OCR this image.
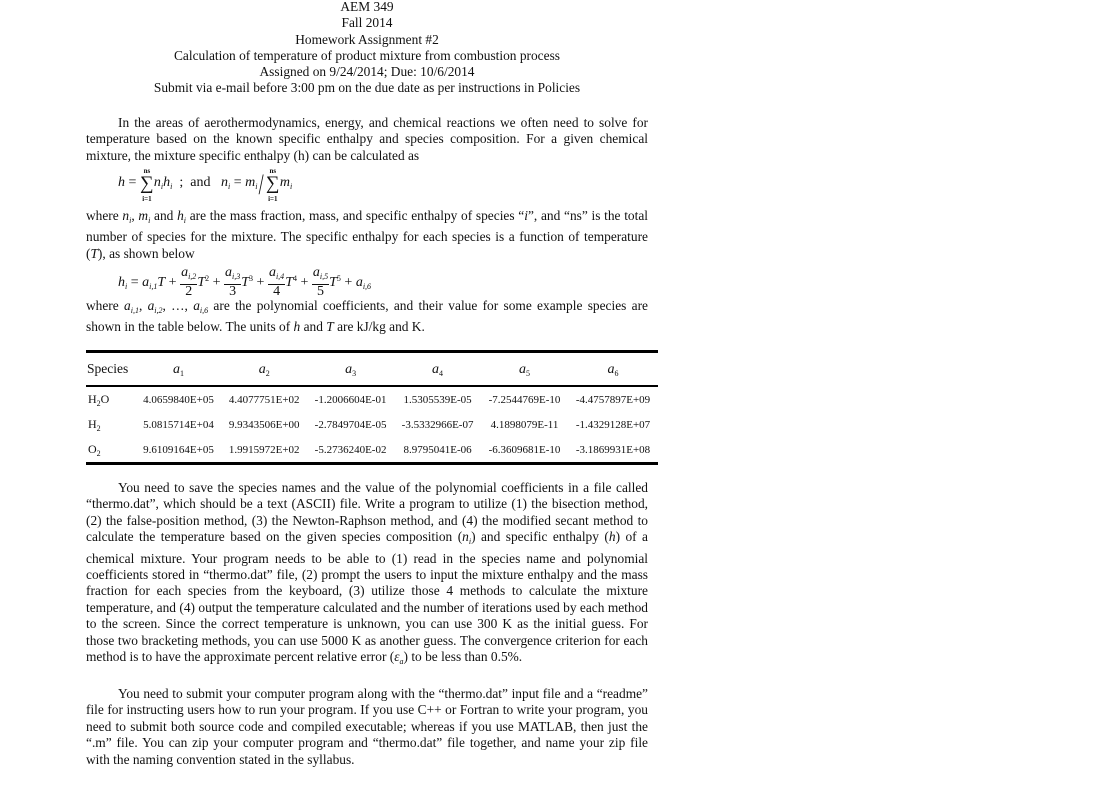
AEM 349
Fall 2014
Homework Assignment #2
Calculation of temperature of product mixture from combustion process
Assigned on 9/24/2014; Due: 10/6/2014
Submit via e-mail before 3:00 pm on the due date as per instructions in Policies

In the areas of aerothermodynamics, energy, and chemical reactions we often need to solve for temperature based on the known specific enthalpy and species composition. For a given chemical mixture, the mixture specific enthalpy (h) can be calculated as

h = ∑
ns
i=1
$n_ih_i$  ;  and   $n_i = m_i/\sum$
ns
i=1
$m_i$

where $n_i$, $m_i$ and $h_i$ are the mass fraction, mass, and specific enthalpy of species “i”, and “ns” is the total number of species for the mixture. The specific enthalpy for each species is a function of temperature (T), as shown below

$h_i = a_{i,1}T + \frac{a_{i,2}}{2} T^2 + \frac{a_{i,3}}{3} T^3 + \frac{a_{i,4}}{4} T^4 + \frac{a_{i,5}}{5} T^5 + a_{i,6}$

where $a_{i,1}$, $a_{i,2}$, …, $a_{i,6}$ are the polynomial coefficients, and their value for some example species are shown in the table below. The units of h and T are kJ/kg and K.

Species	$a_1$	$a_2$	$a_3$	$a_4$	$a_5$	$a_6$
$H_2O$	4.0659840E+05	4.4077751E+02	-1.2006604E-01	1.5305539E-05	-7.2544769E-10	-4.4757897E+09
$H_2$	5.0815714E+04	9.9343506E+00	-2.7849704E-05	-3.5332966E-07	4.1898079E-11	-1.4329128E+07
$O_2$	9.6109164E+05	1.9915972E+02	-5.2736240E-02	8.9795041E-06	-6.3609681E-10	-3.1869931E+08

You need to save the species names and the value of the polynomial coefficients in a file called “thermo.dat”, which should be a text (ASCII) file. Write a program to utilize (1) the bisection method, (2) the false-position method, (3) the Newton-Raphson method, and (4) the modified secant method to calculate the temperature based on the given species composition $(n_i)$ and specific enthalpy (h) of a chemical mixture. Your program needs to be able to (1) read in the species name and polynomial coefficients stored in “thermo.dat” file, (2) prompt the users to input the mixture enthalpy and the mass fraction for each species from the keyboard, (3) utilize those 4 methods to calculate the mixture temperature, and (4) output the temperature calculated and the number of iterations used by each method to the screen. Since the correct temperature is unknown, you can use 300 K as the initial guess. For those two bracketing methods, you can use 5000 K as another guess. The convergence criterion for each method is to have the approximate percent relative error $(\varepsilon_a)$ to be less than 0.5%.

You need to submit your computer program along with the “thermo.dat” input file and a “readme” file for instructing users how to run your program. If you use C++ or Fortran to write your program, you need to submit both source code and compiled executable; whereas if you use MATLAB, then just the “.m” file. You can zip your computer program and “thermo.dat” file together, and name your zip file with the naming convention stated in the syllabus.
